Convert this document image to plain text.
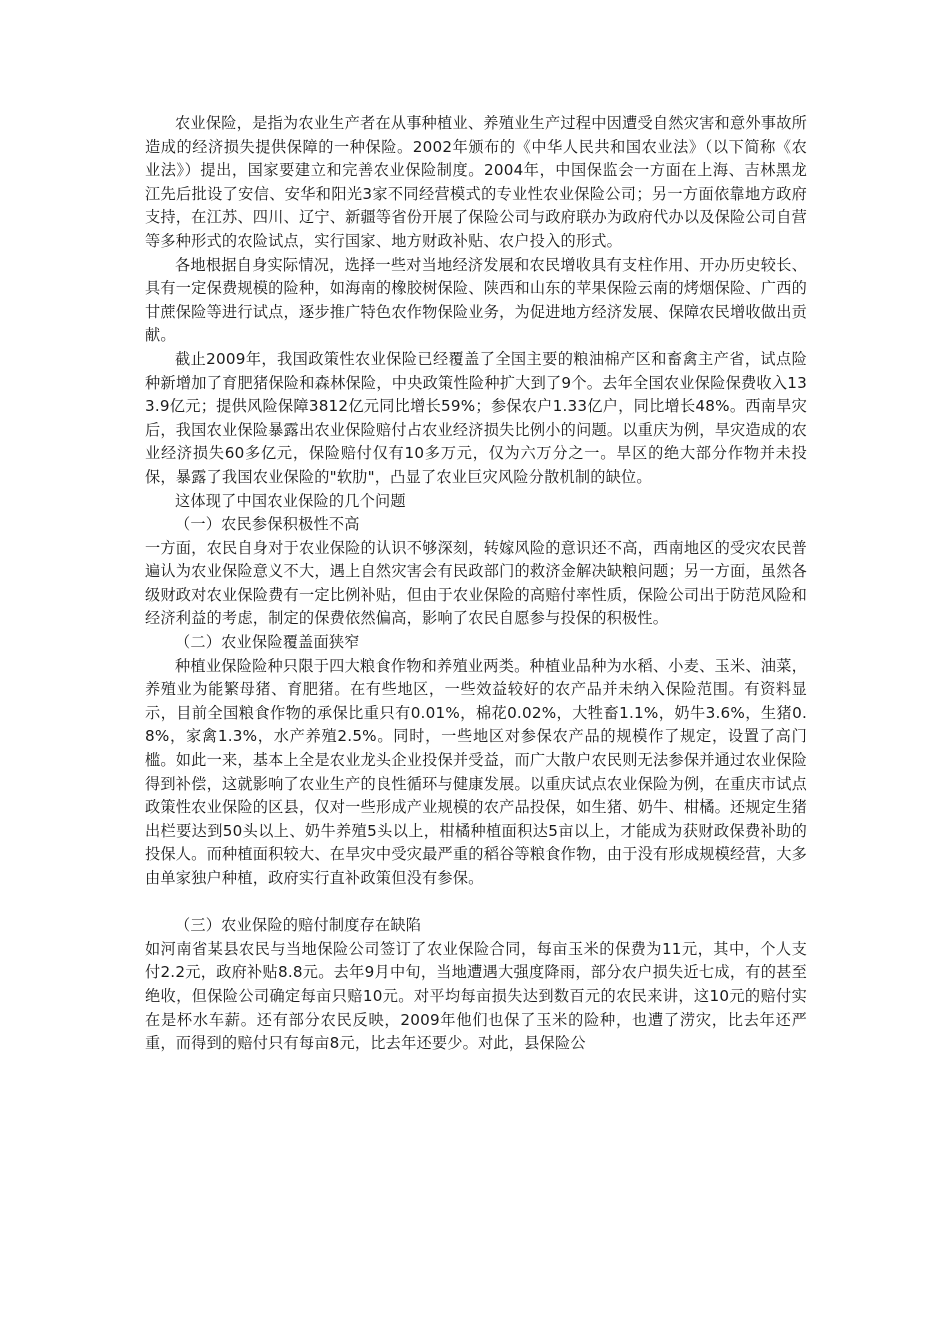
农业保险，是指为农业生产者在从事种植业、养殖业生产过程中因遭受自然灾害和意外事故所造成的经济损失提供保障的一种保险。2002年颁布的《中华人民共和国农业法》（以下简称《农业法》）提出，国家要建立和完善农业保险制度。2004年，中国保监会一方面在上海、吉林黑龙江先后批设了安信、安华和阳光3家不同经营模式的专业性农业保险公司；另一方面依靠地方政府支持，在江苏、四川、辽宁、新疆等省份开展了保险公司与政府联办为政府代办以及保险公司自营等多种形式的农险试点，实行国家、地方财政补贴、农户投入的形式。

各地根据自身实际情况，选择一些对当地经济发展和农民增收具有支柱作用、开办历史较长、具有一定保费规模的险种，如海南的橡胶树保险、陕西和山东的苹果保险云南的烤烟保险、广西的甘蔗保险等进行试点，逐步推广特色农作物保险业务，为促进地方经济发展、保障农民增收做出贡献。

截止2009年，我国政策性农业保险已经覆盖了全国主要的粮油棉产区和畜禽主产省，试点险种新增加了育肥猪保险和森林保险，中央政策性险种扩大到了9个。去年全国农业保险保费收入133.9亿元；提供风险保障3812亿元同比增长59%；参保农户1.33亿户，同比增长48%。西南旱灾后，我国农业保险暴露出农业保险赔付占农业经济损失比例小的问题。以重庆为例，旱灾造成的农业经济损失60多亿元，保险赔付仅有10多万元，仅为六万分之一。旱区的绝大部分作物并未投保，暴露了我国农业保险的"软肋"，凸显了农业巨灾风险分散机制的缺位。

这体现了中国农业保险的几个问题

（一）农民参保积极性不高

一方面，农民自身对于农业保险的认识不够深刻，转嫁风险的意识还不高，西南地区的受灾农民普遍认为农业保险意义不大，遇上自然灾害会有民政部门的救济金解决缺粮问题；另一方面，虽然各级财政对农业保险费有一定比例补贴，但由于农业保险的高赔付率性质，保险公司出于防范风险和经济利益的考虑，制定的保费依然偏高，影响了农民自愿参与投保的积极性。

（二）农业保险覆盖面狭窄

种植业保险险种只限于四大粮食作物和养殖业两类。种植业品种为水稻、小麦、玉米、油菜，养殖业为能繁母猪、育肥猪。在有些地区，一些效益较好的农产品并未纳入保险范围。有资料显示，目前全国粮食作物的承保比重只有0.01%，棉花0.02%，大牲畜1.1%，奶牛3.6%，生猪0.8%，家禽1.3%，水产养殖2.5%。同时，一些地区对参保农产品的规模作了规定，设置了高门槛。如此一来，基本上全是农业龙头企业投保并受益，而广大散户农民则无法参保并通过农业保险得到补偿，这就影响了农业生产的良性循环与健康发展。以重庆试点农业保险为例，在重庆市试点政策性农业保险的区县，仅对一些形成产业规模的农产品投保，如生猪、奶牛、柑橘。还规定生猪出栏要达到50头以上、奶牛养殖5头以上，柑橘种植面积达5亩以上，才能成为获财政保费补助的投保人。而种植面积较大、在旱灾中受灾最严重的稻谷等粮食作物，由于没有形成规模经营，大多由单家独户种植，政府实行直补政策但没有参保。

（三）农业保险的赔付制度存在缺陷

如河南省某县农民与当地保险公司签订了农业保险合同，每亩玉米的保费为11元，其中，个人支付2.2元，政府补贴8.8元。去年9月中旬，当地遭遇大强度降雨，部分农户损失近七成，有的甚至绝收，但保险公司确定每亩只赔10元。对平均每亩损失达到数百元的农民来讲，这10元的赔付实在是杯水车薪。还有部分农民反映，2009年他们也保了玉米的险种，也遭了涝灾，比去年还严重，而得到的赔付只有每亩8元，比去年还要少。对此，县保险公
